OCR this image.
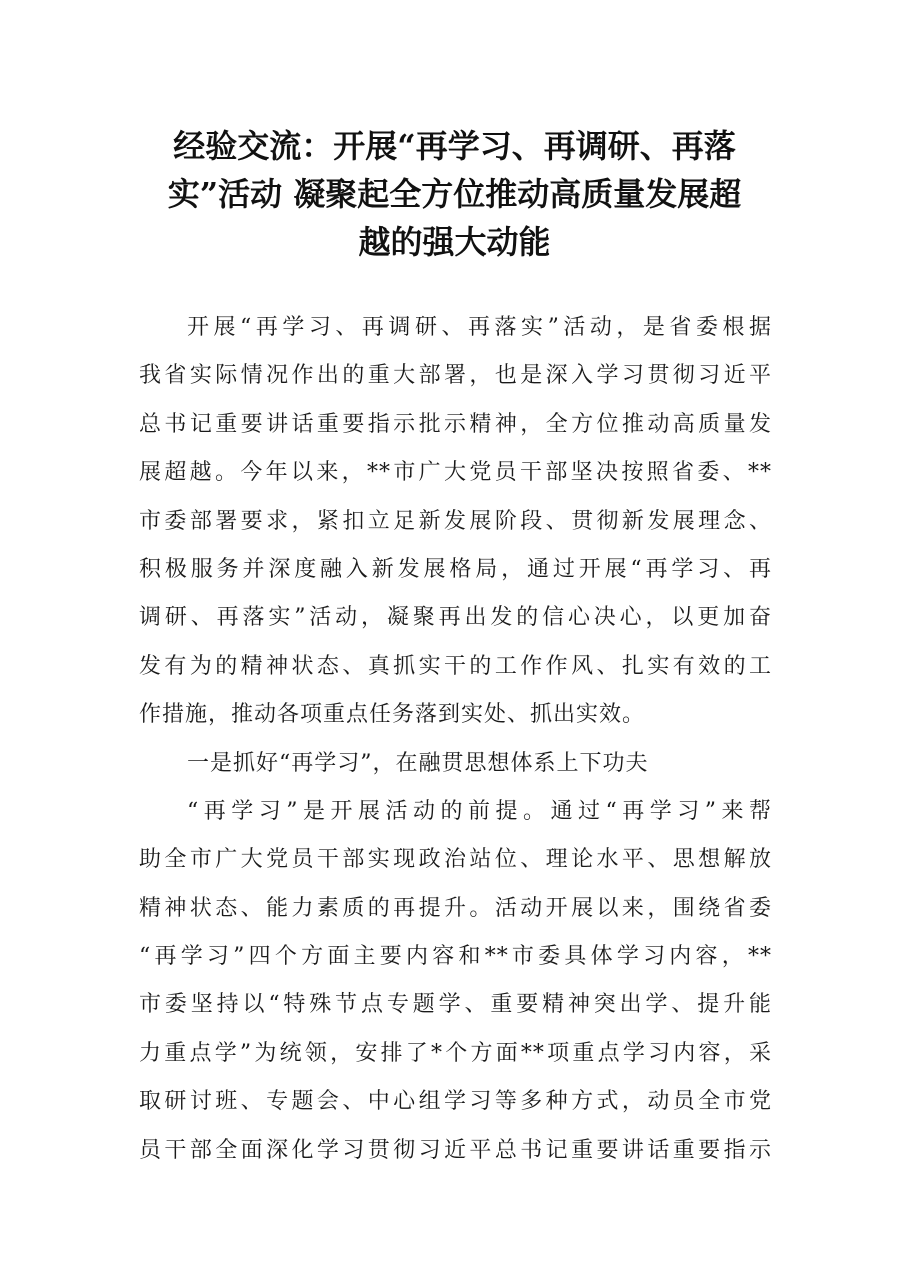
经验交流：开展“再学习、再调研、再落
实”活动 凝聚起全方位推动高质量发展超
越的强大动能
开展“再学习、再调研、再落实”活动，是省委根据
我省实际情况作出的重大部署，也是深入学习贯彻习近平
总书记重要讲话重要指示批示精神，全方位推动高质量发
展超越。今年以来，**市广大党员干部坚决按照省委、**
市委部署要求，紧扣立足新发展阶段、贯彻新发展理念、
积极服务并深度融入新发展格局，通过开展“再学习、再
调研、再落实”活动，凝聚再出发的信心决心，以更加奋
发有为的精神状态、真抓实干的工作作风、扎实有效的工
作措施，推动各项重点任务落到实处、抓出实效。
一是抓好“再学习”，在融贯思想体系上下功夫
“再学习”是开展活动的前提。通过“再学习”来帮
助全市广大党员干部实现政治站位、理论水平、思想解放
精神状态、能力素质的再提升。活动开展以来，围绕省委
“再学习”四个方面主要内容和**市委具体学习内容，**
市委坚持以“特殊节点专题学、重要精神突出学、提升能
力重点学”为统领，安排了*个方面**项重点学习内容，采
取研讨班、专题会、中心组学习等多种方式，动员全市党
员干部全面深化学习贯彻习近平总书记重要讲话重要指示
